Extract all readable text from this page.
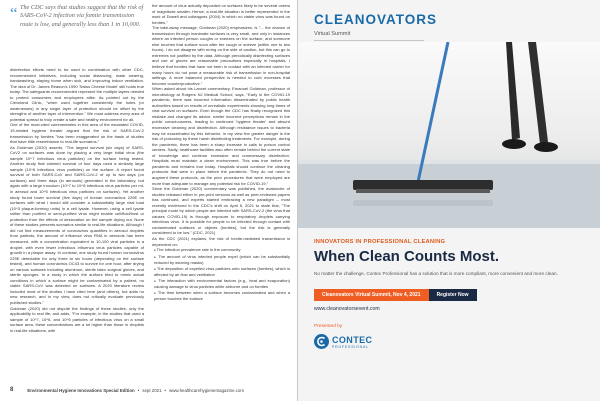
“ The CDC says that studies suggest that the risk of SARS-CoV-2 infection via fomite transmission route is low, and generally less than 1 in 10,000.

disinfection efforts need to be used in combination with other CDC-recommended initiatives, including social distancing, mask wearing, handwashing, staying home when sick, and improving indoor ventilation. The idea of Dr. James Reason's 1990 'Swiss Cheese Model' still holds true today. The safeguards recommended represent the multiple layers needed to protect consumers and employees alike. As pointed out by the Cleveland Clinic, "when used together consistently the holes (or weaknesses) in any single layer of protection should be offset by the strengths of another layer of intervention." We must address every area of potential spread to truly create a safe and healthy environment for all.

One of the most-cited commentaries in this area of the escalated COVID-19-related hygiene theater argued that the risk of SARS-CoV-2 transmission by fomites "has been exaggerated on the basis of studies that have little resemblance to real-life scenarios."

As Goldman (2020) asserts, "The largest survival (six days) of SARS-CoV2 on surfaces was done by placing a very large initial virus (the sample 10^7 infectious virus particles) on the surface being tested. Another study that claimed survival of four days used a similarly large sample (10^6 infectious virus particles) on the surface. A report found survival of both SARS-CoV and SARS-CoV-2 of up to two days (on surfaces) and three days (in aerosols) generated in the laboratory, but again with a large inoculum (10^7 to 10^8 infectious virus particles per mL in aerosol and 10^5 infectious virus particles on surfaces). Yet another study found lower survival (five days) of human coronavirus 229E on surfaces with what I would still consider a substantially large viral load (10^3 plaque-forming units) in a cell lysate. However, using a cell lysate rather than purified or semi-purified virus might enable cell/fluid/host or protection from the effects of desiccation on the sample drying out. None of these studies presents scenarios similar to real-life situations. Although I did not find measurements of coronavirus quantities in aerosol droplets from patients, the amount of influenza virus RNA in aerosols has been measured, with a concentration equivalent to 10-100 viral particles in a droplet, with even fewer infectious influenza virus particles capable of growth in a plaque assay. In contrast, one study found human coronavirus 229E detectable for only three to six hours (depending on the surface tested), and human coronavirus OC43 to survive for one hour, after drying on various surfaces including aluminum, sterile latex surgical gloves, and sterile sponges. In a study in which the authors tried to mimic actual conditions in which a surface might be contaminated by a patient, no viable SARS-CoV was detected on surfaces. A 2020 literature review included most of the studies I have cited here (and others), but adds no new research, and in my view, does not critically evaluate previously published studies."

Goldman (2020) did not dispute the findings of these studies, only the applicability to real life, and adds, "For example, in the studies that used a sample of 10^7, 10^6, and 10^5 particles of infectious virus on a small surface area, these concentrations are a lot higher than those in droplets in real-life situations, with

the amount of virus actually deposited on surfaces likely to be several orders of magnitude smaller. Hence, a real-life situation is better represented in the work of Dowell and colleagues (2004) in which no viable virus was found on fomites."

The take-away message, Goldman (2020) emphasizes, is "... the chance of transmission through inanimate surfaces is very small, and only in instances where an infected person coughs or sneezes on the surface, and someone else touches that surface soon after the cough or sneeze (within one to two hours). I do not disagree with erring on the side of caution, but this can go to extremes not justified by the data. Although periodically disinfecting surfaces and use of gloves are reasonable precautions especially in hospitals, I believe that fomites that have not been in contact with an infected carrier for many hours do not pose a measurable risk of transmission in non-hospital settings. A more balanced perspective is needed to curb excesses that become counterproductive."

When asked about his Lancet commentary, Emanuel Goldman, professor of microbiology at Rutgers NJ Medical School, says, "Early in the COVID-19 pandemic, there was incorrect information disseminated by public health authorities based on results of unrealistic experiments showing long times of viral survival on surfaces. Even though the CDC has finally recognized this mistake and changed its advice, earlier incorrect perceptions remain in the public consciousness, leading to continued 'hygiene theater' and absurd excessive cleaning and disinfection. Although resistance issues to bacteria may be exacerbated by this behavior, in my view the greater danger is the risk of poisoning by these harsh disinfecting treatments. For example, during the pandemic, there has been a sharp increase in calls to poison control centers. Sadly, healthcare facilities also often remain behind the current state of knowledge and continue excessive and unnecessary disinfection. Hospitals must maintain a clean environment. This was true before the pandemic and remains true today. Hospitals should continue the cleaning protocols that were in place before the pandemic. They do not need to augment these protocols, as the prior procedures that were employed are more than adequate to manage any potential risk for COVID-19."

Since the Goldman (2020) commentary was published, the avalanche of studies released either in pre-print versions as well as peer-reviewed papers has continued, and experts started embracing a new paradigm -- most recently evidenced in the CDC's shift on April 5, 2021 to state that, "The principal mode by which people are infected with SARS-CoV-2 (the virus that causes COVID-19) is through exposure to respiratory droplets carrying infectious virus. It is possible for people to be infected through contact with contaminated surfaces or objects (fomites), but the risk is generally considered to be low." (CDC, 2021)

As the CDC (2021) explains, the risk of fomite-mediated transmission is dependent on:

● The infection prevalence rate in the community
● The amount of virus infected people expel (which can be substantially reduced by wearing masks)
● The deposition of expelled virus particles onto surfaces (fomites), which is affected by air flow and ventilation
● The interaction with environmental factors (e.g., heat and evaporation) causing damage to virus particles while airborne and on fomites
● The time between when a surface becomes contaminated and when a person touches the surface
8	Environmental Hygiene Innovations Special Edition • sept 2021 • www.healthcarehygienemagazine.com
CLEANOVATORS
Virtual Summit
INNOVATORS IN PROFESSIONAL CLEANING
When Clean Counts Most.
No matter the challenge, Contec Professional has a solution that is more compliant, more convenient and more clean.
Cleanovators Virtual Summit, Nov 4, 2021	Register Now
www.cleanovatorsevent.com
Presented by
CONTEC
PROFESSIONAL
